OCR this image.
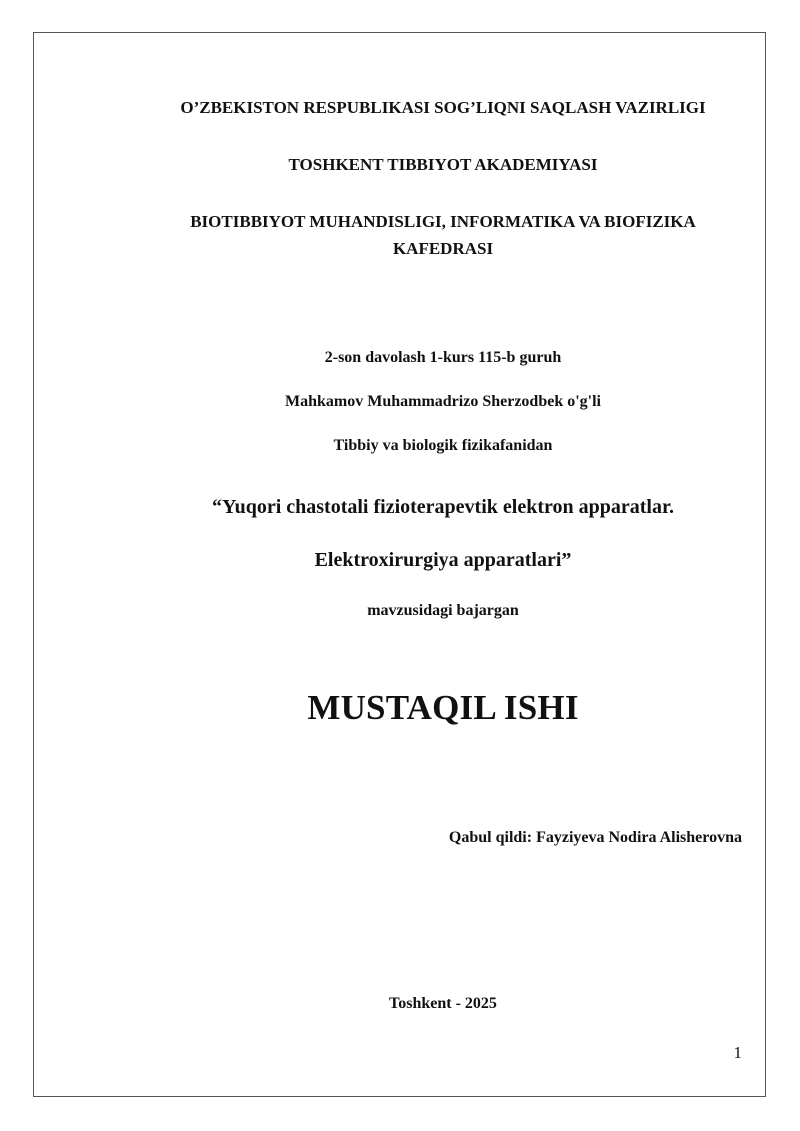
O’ZBEKISTON RESPUBLIKASI SOG’LIQNI SAQLASH VAZIRLIGI
TOSHKENT TIBBIYOT AKADEMIYASI
BIOTIBBIYOT MUHANDISLIGI, INFORMATIKA VA BIOFIZIKA KAFEDRASI
2-son davolash 1-kurs 115-b guruh
Mahkamov Muhammadrizo Sherzodbek o'g'li
Tibbiy va biologik fizikafanidan
“Yuqori chastotali fizioterapevtik elektron apparatlar.
Elektroxirurgiya apparatlari”
mavzusidagi bajargan
MUSTAQIL ISHI
Qabul qildi: Fayziyeva Nodira Alisherovna
Toshkent - 2025
1
